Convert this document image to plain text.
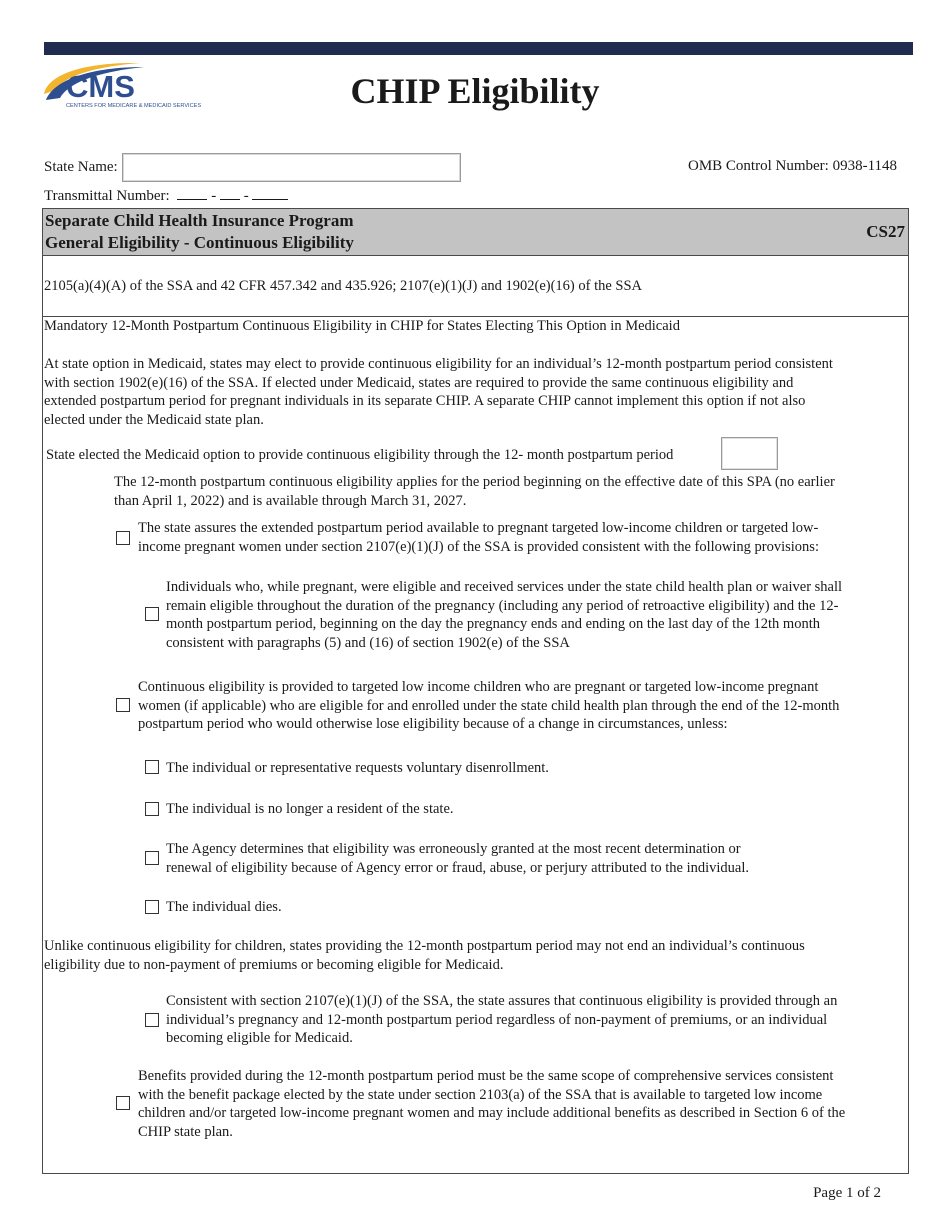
CMS
CENTERS FOR MEDICARE & MEDICAID SERVICES	CHIP Eligibility
State Name:	OMB Control Number: 0938-1148
Transmittal Number:	- -
Separate Child Health Insurance Program
General Eligibility - Continuous Eligibility
CS27
2105(a)(4)(A) of the SSA and 42 CFR 457.342 and 435.926; 2107(e)(1)(J) and 1902(e)(16) of the SSA
Mandatory 12-Month Postpartum Continuous Eligibility in CHIP for States Electing This Option in Medicaid
At state option in Medicaid, states may elect to provide continuous eligibility for an individual’s 12-month postpartum period consistent
with section 1902(e)(16) of the SSA. If elected under Medicaid, states are required to provide the same continuous eligibility and
extended postpartum period for pregnant individuals in its separate CHIP. A separate CHIP cannot implement this option if not also
elected under the Medicaid state plan.
State elected the Medicaid option to provide continuous eligibility through the 12- month postpartum period
The 12-month postpartum continuous eligibility applies for the period beginning on the effective date of this SPA (no earlier
than April 1, 2022) and is available through March 31, 2027.
The state assures the extended postpartum period available to pregnant targeted low-income children or targeted low-
income pregnant women under section 2107(e)(1)(J) of the SSA is provided consistent with the following provisions:
Individuals who, while pregnant, were eligible and received services under the state child health plan or waiver shall
remain eligible throughout the duration of the pregnancy (including any period of retroactive eligibility) and the 12-
month postpartum period, beginning on the day the pregnancy ends and ending on the last day of the 12th month
consistent with paragraphs (5) and (16) of section 1902(e) of the SSA
Continuous eligibility is provided to targeted low income children who are pregnant or targeted low-income pregnant
women (if applicable) who are eligible for and enrolled under the state child health plan through the end of the 12-month
postpartum period who would otherwise lose eligibility because of a change in circumstances, unless:
The individual or representative requests voluntary disenrollment.
The individual is no longer a resident of the state.
The Agency determines that eligibility was erroneously granted at the most recent determination or
renewal of eligibility because of Agency error or fraud, abuse, or perjury attributed to the individual.
The individual dies.
Unlike continuous eligibility for children, states providing the 12-month postpartum period may not end an individual’s continuous
eligibility due to non-payment of premiums or becoming eligible for Medicaid.
Consistent with section 2107(e)(1)(J) of the SSA, the state assures that continuous eligibility is provided through an
individual’s pregnancy and 12-month postpartum period regardless of non-payment of premiums, or an individual
becoming eligible for Medicaid.
Benefits provided during the 12-month postpartum period must be the same scope of comprehensive services consistent
with the benefit package elected by the state under section 2103(a) of the SSA that is available to targeted low income
children and/or targeted low-income pregnant women and may include additional benefits as described in Section 6 of the
CHIP state plan.
Page 1 of 2
